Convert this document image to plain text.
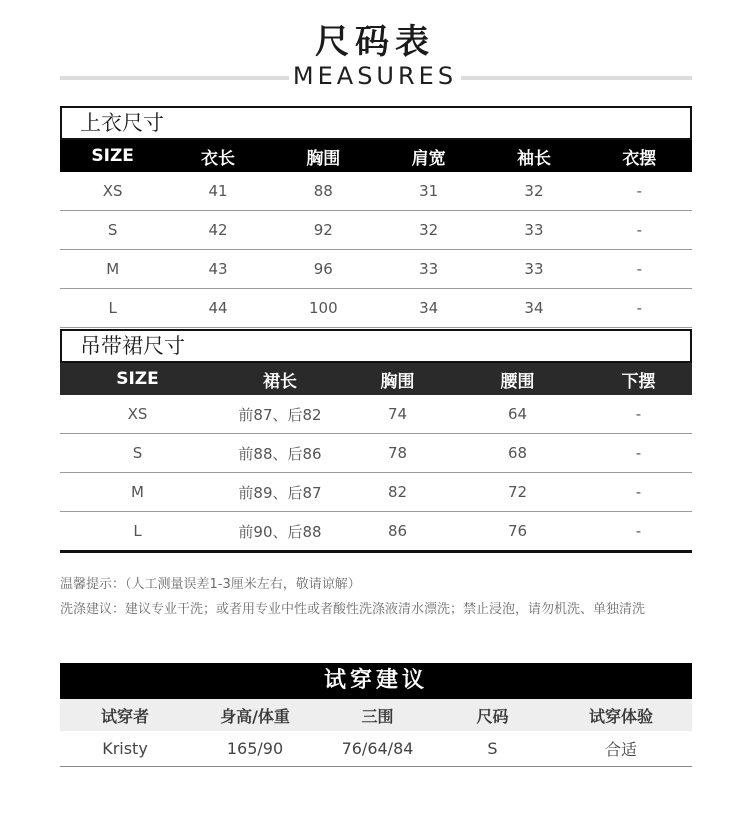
尺码表
MEASURES
上衣尺寸
SIZE	衣长	胸围	肩宽	袖长	衣摆
XS	41	88	31	32	-
S	42	92	32	33	-
M	43	96	33	33	-
L	44	100	34	34	-
吊带裙尺寸
SIZE	裙长	胸围	腰围	下摆
XS	前87、后82	74	64	-
S	前88、后86	78	68	-
M	前89、后87	82	72	-
L	前90、后88	86	76	-
温馨提示：（人工测量误差1-3厘米左右，敬请谅解）
洗涤建议：建议专业干洗；或者用专业中性或者酸性洗涤液清水漂洗；禁止浸泡，请勿机洗、单独清洗
试穿建议
试穿者	身高/体重	三围	尺码	试穿体验
Kristy	165/90	76/64/84	S	合适
